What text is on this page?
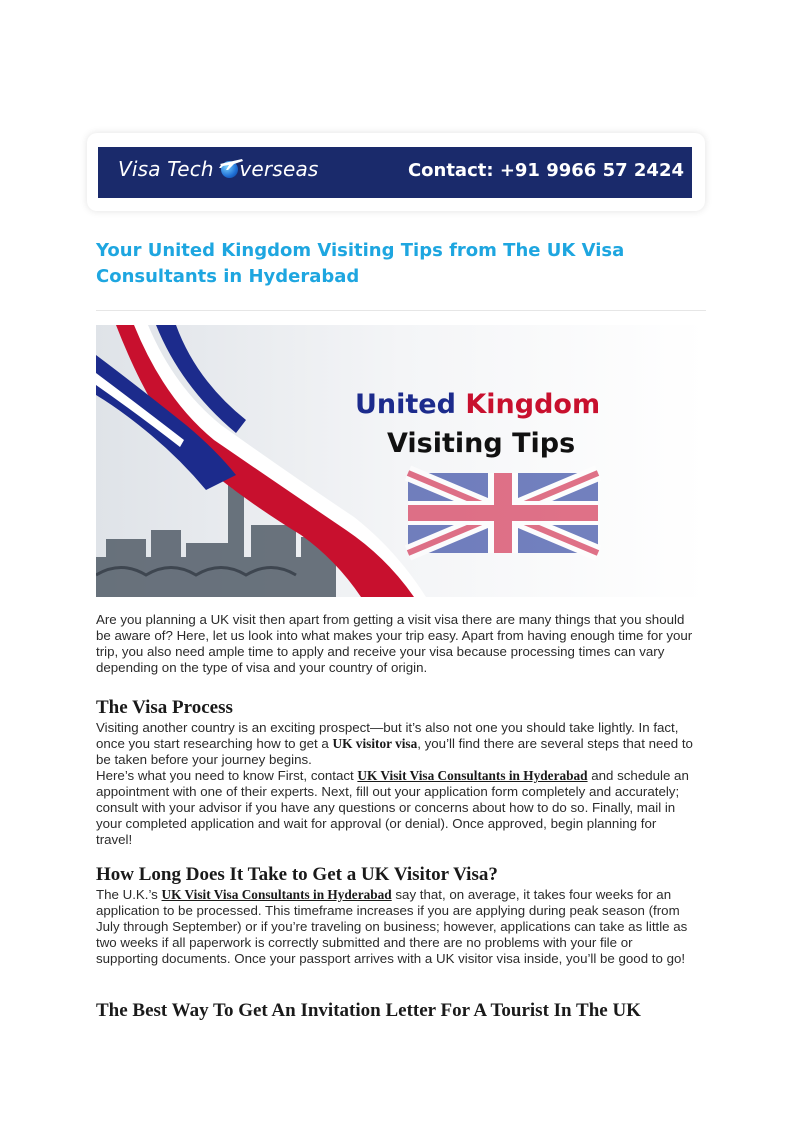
Visa Tech verseas	Contact: +91 9966 57 2424
Your United Kingdom Visiting Tips from The UK Visa Consultants in Hyderabad
United Kingdom
Visiting Tips

Are you planning a UK visit then apart from getting a visit visa there are many things that you should be aware of? Here, let us look into what makes your trip easy. Apart from having enough time for your trip, you also need ample time to apply and receive your visa because processing times can vary depending on the type of visa and your country of origin.

The Visa Process

Visiting another country is an exciting prospect—but it’s also not one you should take lightly. In fact, once you start researching how to get a UK visitor visa, you’ll find there are several steps that need to be taken before your journey begins.

Here’s what you need to know First, contact UK Visit Visa Consultants in Hyderabad and schedule an appointment with one of their experts. Next, fill out your application form completely and accurately; consult with your advisor if you have any questions or concerns about how to do so. Finally, mail in your completed application and wait for approval (or denial). Once approved, begin planning for travel!

How Long Does It Take to Get a UK Visitor Visa?

The U.K.’s UK Visit Visa Consultants in Hyderabad say that, on average, it takes four weeks for an application to be processed. This timeframe increases if you are applying during peak season (from July through September) or if you’re traveling on business; however, applications can take as little as two weeks if all paperwork is correctly submitted and there are no problems with your file or supporting documents. Once your passport arrives with a UK visitor visa inside, you’ll be good to go!

The Best Way To Get An Invitation Letter For A Tourist In The UK
